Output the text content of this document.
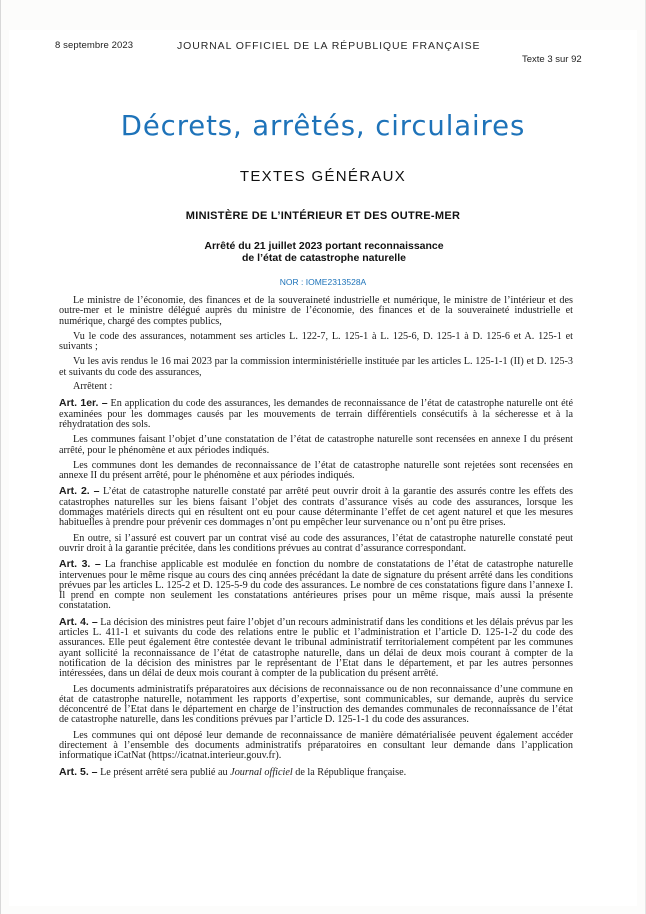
8 septembre 2023	JOURNAL OFFICIEL DE LA RÉPUBLIQUE FRANÇAISE
Texte 3 sur 92
Décrets, arrêtés, circulaires
TEXTES GÉNÉRAUX
MINISTÈRE DE L’INTÉRIEUR ET DES OUTRE-MER
Arrêté du 21 juillet 2023 portant reconnaissance
de l’état de catastrophe naturelle
NOR : IOME2313528A

Le ministre de l’économie, des finances et de la souveraineté industrielle et numérique, le ministre de l’intérieur et des outre-mer et le ministre délégué auprès du ministre de l’économie, des finances et de la souveraineté industrielle et numérique, chargé des comptes publics,

Vu le code des assurances, notamment ses articles L. 122-7, L. 125-1 à L. 125-6, D. 125-1 à D. 125-6 et A. 125-1 et suivants ;

Vu les avis rendus le 16 mai 2023 par la commission interministérielle instituée par les articles L. 125-1-1 (II) et D. 125-3 et suivants du code des assurances,

Arrêtent :

Art. 1er. – En application du code des assurances, les demandes de reconnaissance de l’état de catastrophe naturelle ont été examinées pour les dommages causés par les mouvements de terrain différentiels consécutifs à la sécheresse et à la réhydratation des sols.

Les communes faisant l’objet d’une constatation de l’état de catastrophe naturelle sont recensées en annexe I du présent arrêté, pour le phénomène et aux périodes indiqués.

Les communes dont les demandes de reconnaissance de l’état de catastrophe naturelle sont rejetées sont recensées en annexe II du présent arrêté, pour le phénomène et aux périodes indiqués.

Art. 2. – L’état de catastrophe naturelle constaté par arrêté peut ouvrir droit à la garantie des assurés contre les effets des catastrophes naturelles sur les biens faisant l’objet des contrats d’assurance visés au code des assurances, lorsque les dommages matériels directs qui en résultent ont eu pour cause déterminante l’effet de cet agent naturel et que les mesures habituelles à prendre pour prévenir ces dommages n’ont pu empêcher leur survenance ou n’ont pu être prises.

En outre, si l’assuré est couvert par un contrat visé au code des assurances, l’état de catastrophe naturelle constaté peut ouvrir droit à la garantie précitée, dans les conditions prévues au contrat d’assurance correspondant.

Art. 3. – La franchise applicable est modulée en fonction du nombre de constatations de l’état de catastrophe naturelle intervenues pour le même risque au cours des cinq années précédant la date de signature du présent arrêté dans les conditions prévues par les articles L. 125-2 et D. 125-5-9 du code des assurances. Le nombre de ces constatations figure dans l’annexe I. Il prend en compte non seulement les constatations antérieures prises pour un même risque, mais aussi la présente constatation.

Art. 4. – La décision des ministres peut faire l’objet d’un recours administratif dans les conditions et les délais prévus par les articles L. 411-1 et suivants du code des relations entre le public et l’administration et l’article D. 125-1-2 du code des assurances. Elle peut également être contestée devant le tribunal administratif territorialement compétent par les communes ayant sollicité la reconnaissance de l’état de catastrophe naturelle, dans un délai de deux mois courant à compter de la notification de la décision des ministres par le représentant de l’Etat dans le département, et par les autres personnes intéressées, dans un délai de deux mois courant à compter de la publication du présent arrêté.

Les documents administratifs préparatoires aux décisions de reconnaissance ou de non reconnaissance d’une commune en état de catastrophe naturelle, notamment les rapports d’expertise, sont communicables, sur demande, auprès du service déconcentré de l’Etat dans le département en charge de l’instruction des demandes communales de reconnaissance de l’état de catastrophe naturelle, dans les conditions prévues par l’article D. 125-1-1 du code des assurances.

Les communes qui ont déposé leur demande de reconnaissance de manière dématérialisée peuvent également accéder directement à l’ensemble des documents administratifs préparatoires en consultant leur demande dans l’application informatique iCatNat (https://icatnat.interieur.gouv.fr).

Art. 5. – Le présent arrêté sera publié au Journal officiel de la République française.
